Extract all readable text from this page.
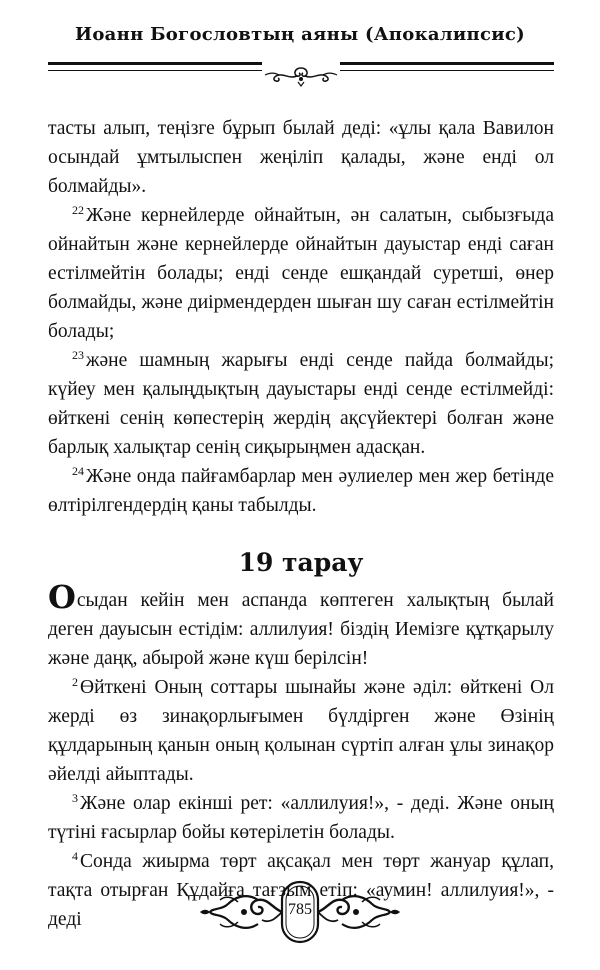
Иоанн Богословтың аяны (Апокалипсис)

тасты алып, теңізге бұрып былай деді: «ұлы қала Вавилон осындай ұмтылыспен жеңіліп қалады, және енді ол болмайды».

$^{22}$ Және кернейлерде ойнайтын, ән салатын, сыбызғыда ойнайтын және кернейлерде ойнайтын дауыстар енді саған естілмейтін болады; енді сенде ешқандай суретші, өнер болмайды, және диірмендерден шыған шу саған естілмейтін болады;

$^{23}$ және шамның жарығы енді сенде пайда болмайды; күйеу мен қалыңдықтың дауыстары енді сенде естілмейді: өйткені сенің көпестерің жердің ақсүйектері болған және барлық халықтар сенің сиқырыңмен адасқан.

$^{24}$ Және онда пайғамбарлар мен әулиелер мен жер бетінде өлтірілгендердің қаны табылды.

19 тарау

Осыдан кейін мен аспанда көптеген халықтың былай деген дауысын естідім: аллилуия! біздің Иемізге құтқарылу және даңқ, абырой және күш берілсін!

$^2$ Өйткені Оның соттары шынайы және әділ: өйткені Ол жерді өз зинақорлығымен бүлдірген және Өзінің құлдарының қанын оның қолынан сүртіп алған ұлы зинақор әйелді айыптады.

$^3$ Және олар екінші рет: «аллилуия!», - деді. Және оның түтіні ғасырлар бойы көтерілетін болады.

$^4$ Сонда жиырма төрт ақсақал мен төрт жануар құлап, тақта отырған Құдайға тағзым етіп: «аумин! аллилуия!», - деді	785
